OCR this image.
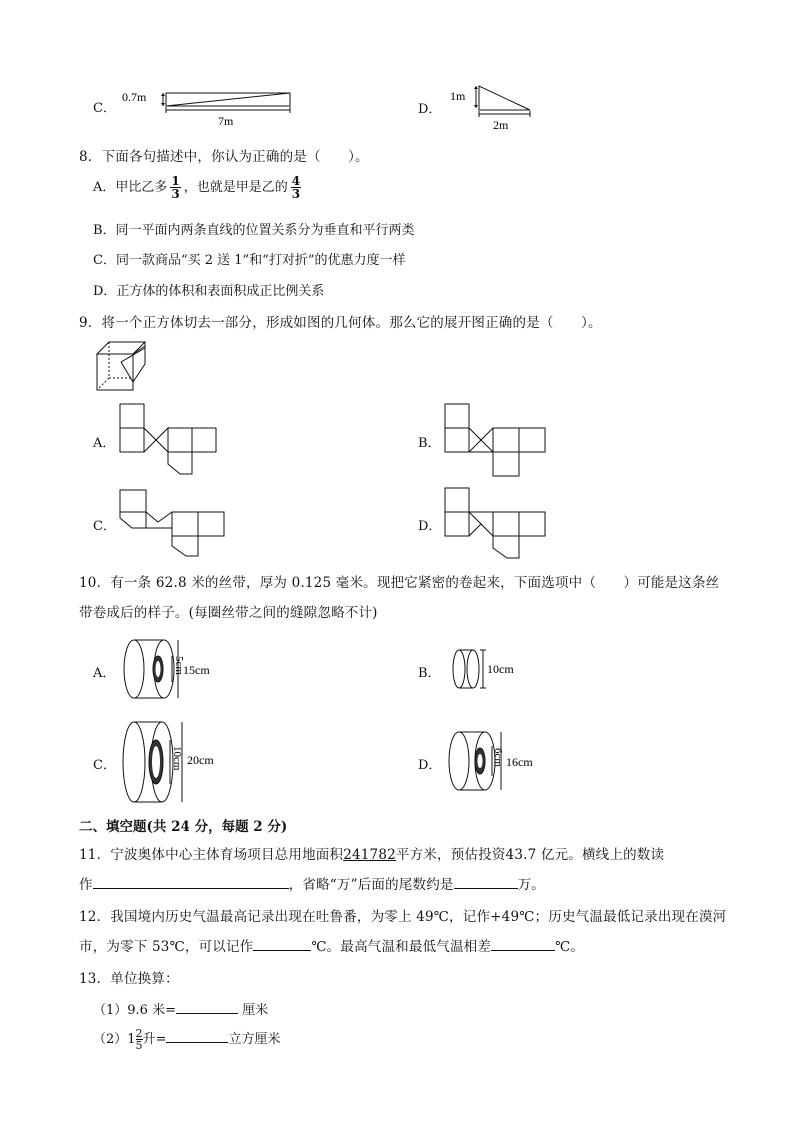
C．
0.7m
7m
D．
1m
2m
8．下面各句描述中，你认为正确的是（　　）。
A．甲比乙多 $\frac{1}{3}$ ，也就是甲是乙的 $\frac{4}{3}$
B．同一平面内两条直线的位置关系分为垂直和平行两类
C．同一款商品“买 2 送 1”和“打对折”的优惠力度一样
D．正方体的体积和表面积成正比例关系
9．将一个正方体切去一部分，形成如图的几何体。那么它的展开图正确的是（　　）。
A．	B．
C．	D．
10．有一条 62.8 米的丝带，厚为 0.125 毫米。现把它紧密的卷起来，下面选项中（　　）可能是这条丝
带卷成后的样子。(每圈丝带之间的缝隙忽略不计)
A．	5cm
15cm	B．	10cm
C．	10cm 20cm	D．	6cm 16cm
二、填空题(共 24 分，每题 2 分)
11．宁波奥体中心主体育场项目总用地面积241782平方米，预估投资43.7 亿元。横线上的数读
作	，省略“万”后面的尾数约是	万。
12．我国境内历史气温最高记录出现在吐鲁番，为零上 49℃，记作+49℃；历史气温最低记录出现在漠河
市，为零下 53℃，可以记作	℃。最高气温和最低气温相差	℃。
13．单位换算：
（1）9.6 米=	厘米
$(2)1 \frac{2}{5}$ 升=	立方厘米
